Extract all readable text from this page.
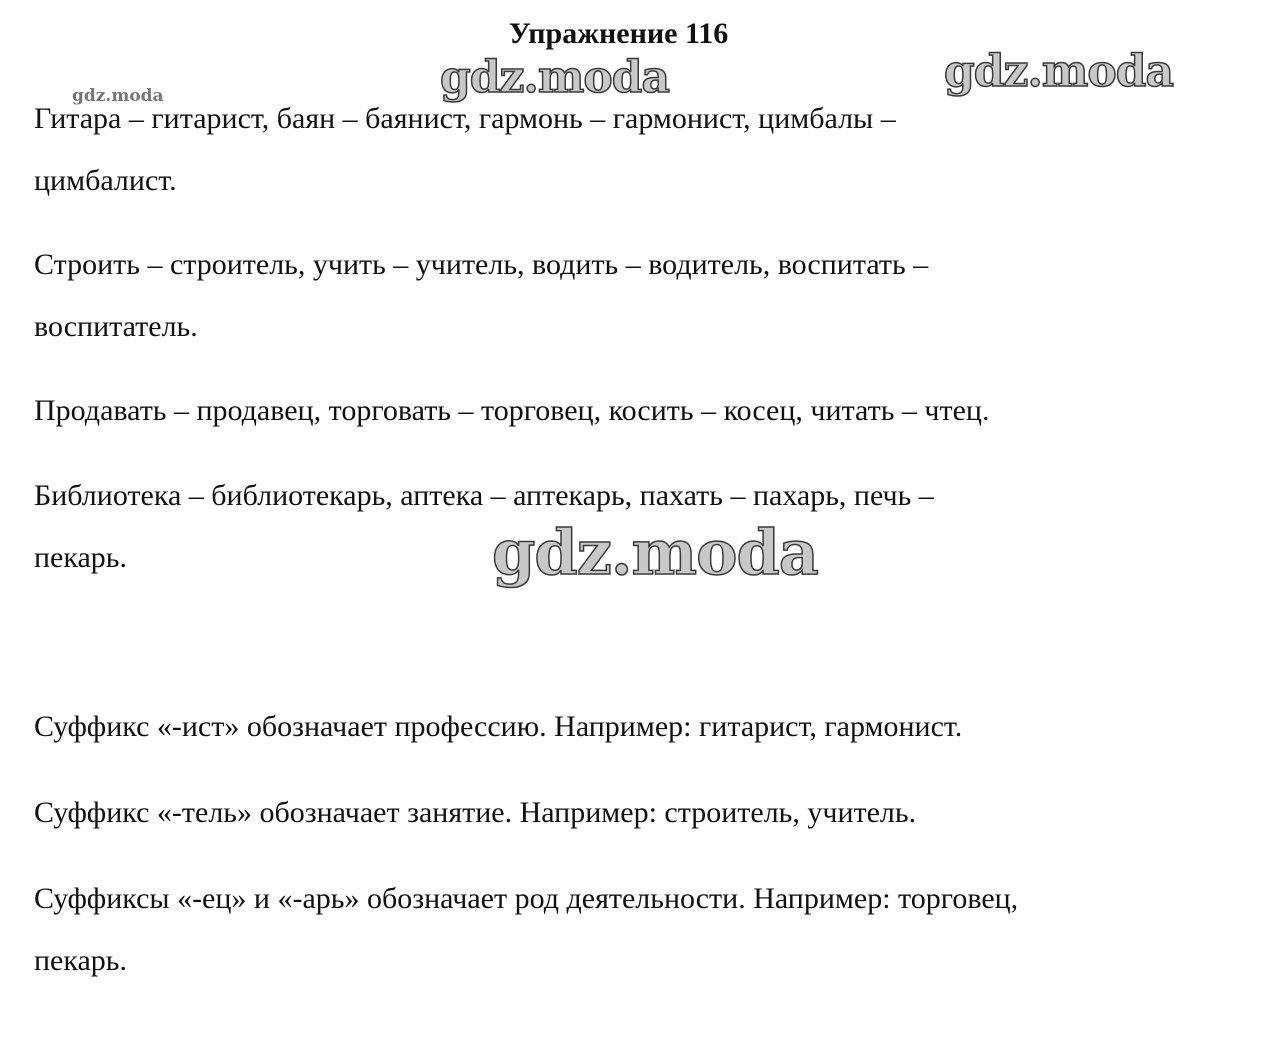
Упражнение 116
gdz.moda	gdz.moda
gdz.moda
gdz.moda
Гитара – гитарист, баян – баянист, гармонь – гармонист, цимбалы –
цимбалист.
Строить – строитель, учить – учитель, водить – водитель, воспитать –
воспитатель.
Продавать – продавец, торговать – торговец, косить – косец, читать – чтец.
Библиотека – библиотекарь, аптека – аптекарь, пахать – пахарь, печь –
пекарь.
Суффикс «-ист» обозначает профессию. Например: гитарист, гармонист.
Суффикс «-тель» обозначает занятие. Например: строитель, учитель.
Суффиксы «-ец» и «-арь» обозначает род деятельности. Например: торговец,
пекарь.
